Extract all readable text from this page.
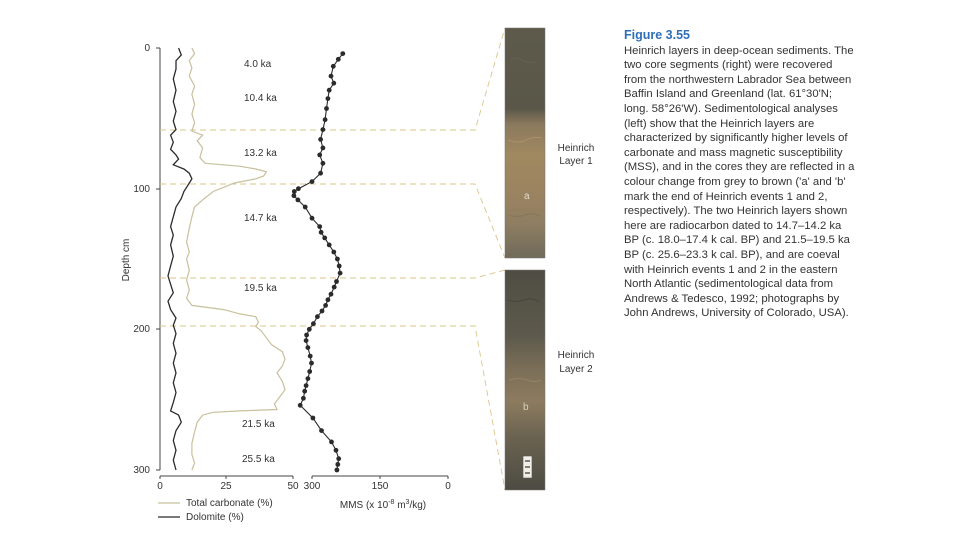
0
100
200
300
Depth cm
0	25	50 300	150	0
MMS (x $10^{-8}$ $m^3/kg$)
Total carbonate (%)
Dolomite (%)
4.0 ka
10.4 ka
13.2 ka
14.7 ka
19.5 ka
21.5 ka
25.5 ka
a
b
Heinrich
Layer 1
Heinrich
Layer 2
Figure 3.55
Heinrich layers in deep-ocean sediments. The two core segments (right) were recovered from the northwestern Labrador Sea between Baffin Island and Greenland (lat. 61°30'N; long. 58°26'W). Sedimentological analyses (left) show that the Heinrich layers are characterized by significantly higher levels of carbonate and mass magnetic susceptibility (MSS), and in the cores they are reflected in a colour change from grey to brown ('a' and 'b' mark the end of Heinrich events 1 and 2, respectively). The two Heinrich layers shown here are radiocarbon dated to 14.7–14.2 ka BP (c. 18.0–17.4 k cal. BP) and 21.5–19.5 ka BP (c. 25.6–23.3 k cal. BP), and are coeval with Heinrich events 1 and 2 in the eastern North Atlantic (sedimentological data from Andrews & Tedesco, 1992; photographs by John Andrews, University of Colorado, USA).
